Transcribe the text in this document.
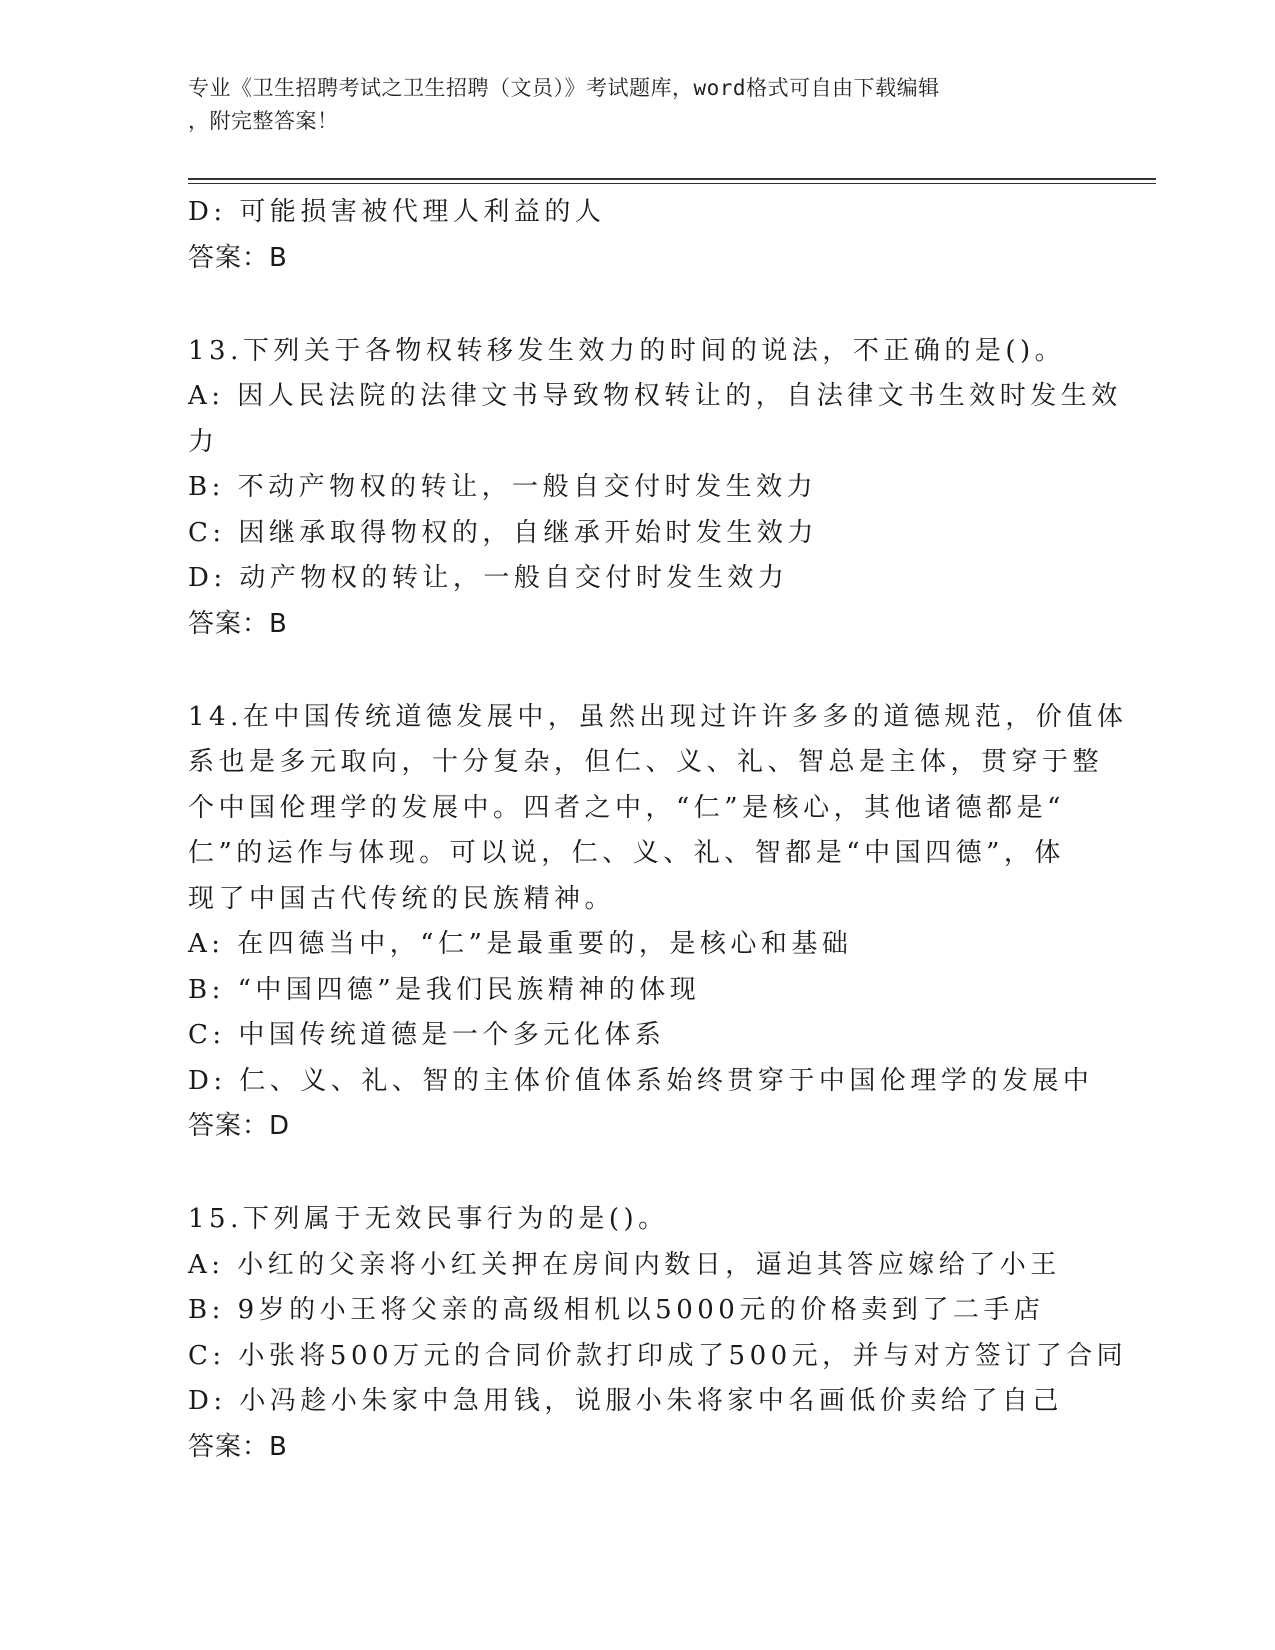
专业《卫生招聘考试之卫生招聘（文员）》考试题库，word格式可自由下载编辑
，附完整答案！
D: 可能损害被代理人利益的人
答案：B
13.下列关于各物权转移发生效力的时间的说法，不正确的是()。
A: 因人民法院的法律文书导致物权转让的，自法律文书生效时发生效
力
B: 不动产物权的转让，一般自交付时发生效力
C: 因继承取得物权的，自继承开始时发生效力
D: 动产物权的转让，一般自交付时发生效力
答案：B
14.在中国传统道德发展中，虽然出现过许许多多的道德规范，价值体
系也是多元取向，十分复杂，但仁、义、礼、智总是主体，贯穿于整
个中国伦理学的发展中。四者之中，“仁”是核心，其他诸德都是“
仁”的运作与体现。可以说，仁、义、礼、智都是“中国四德”，体
现了中国古代传统的民族精神。
A: 在四德当中，“仁”是最重要的，是核心和基础
B: “中国四德”是我们民族精神的体现
C: 中国传统道德是一个多元化体系
D: 仁、义、礼、智的主体价值体系始终贯穿于中国伦理学的发展中
答案：D
15.下列属于无效民事行为的是()。
A: 小红的父亲将小红关押在房间内数日，逼迫其答应嫁给了小王
B: 9岁的小王将父亲的高级相机以5000元的价格卖到了二手店
C: 小张将500万元的合同价款打印成了500元，并与对方签订了合同
D: 小冯趁小朱家中急用钱，说服小朱将家中名画低价卖给了自己
答案：B
